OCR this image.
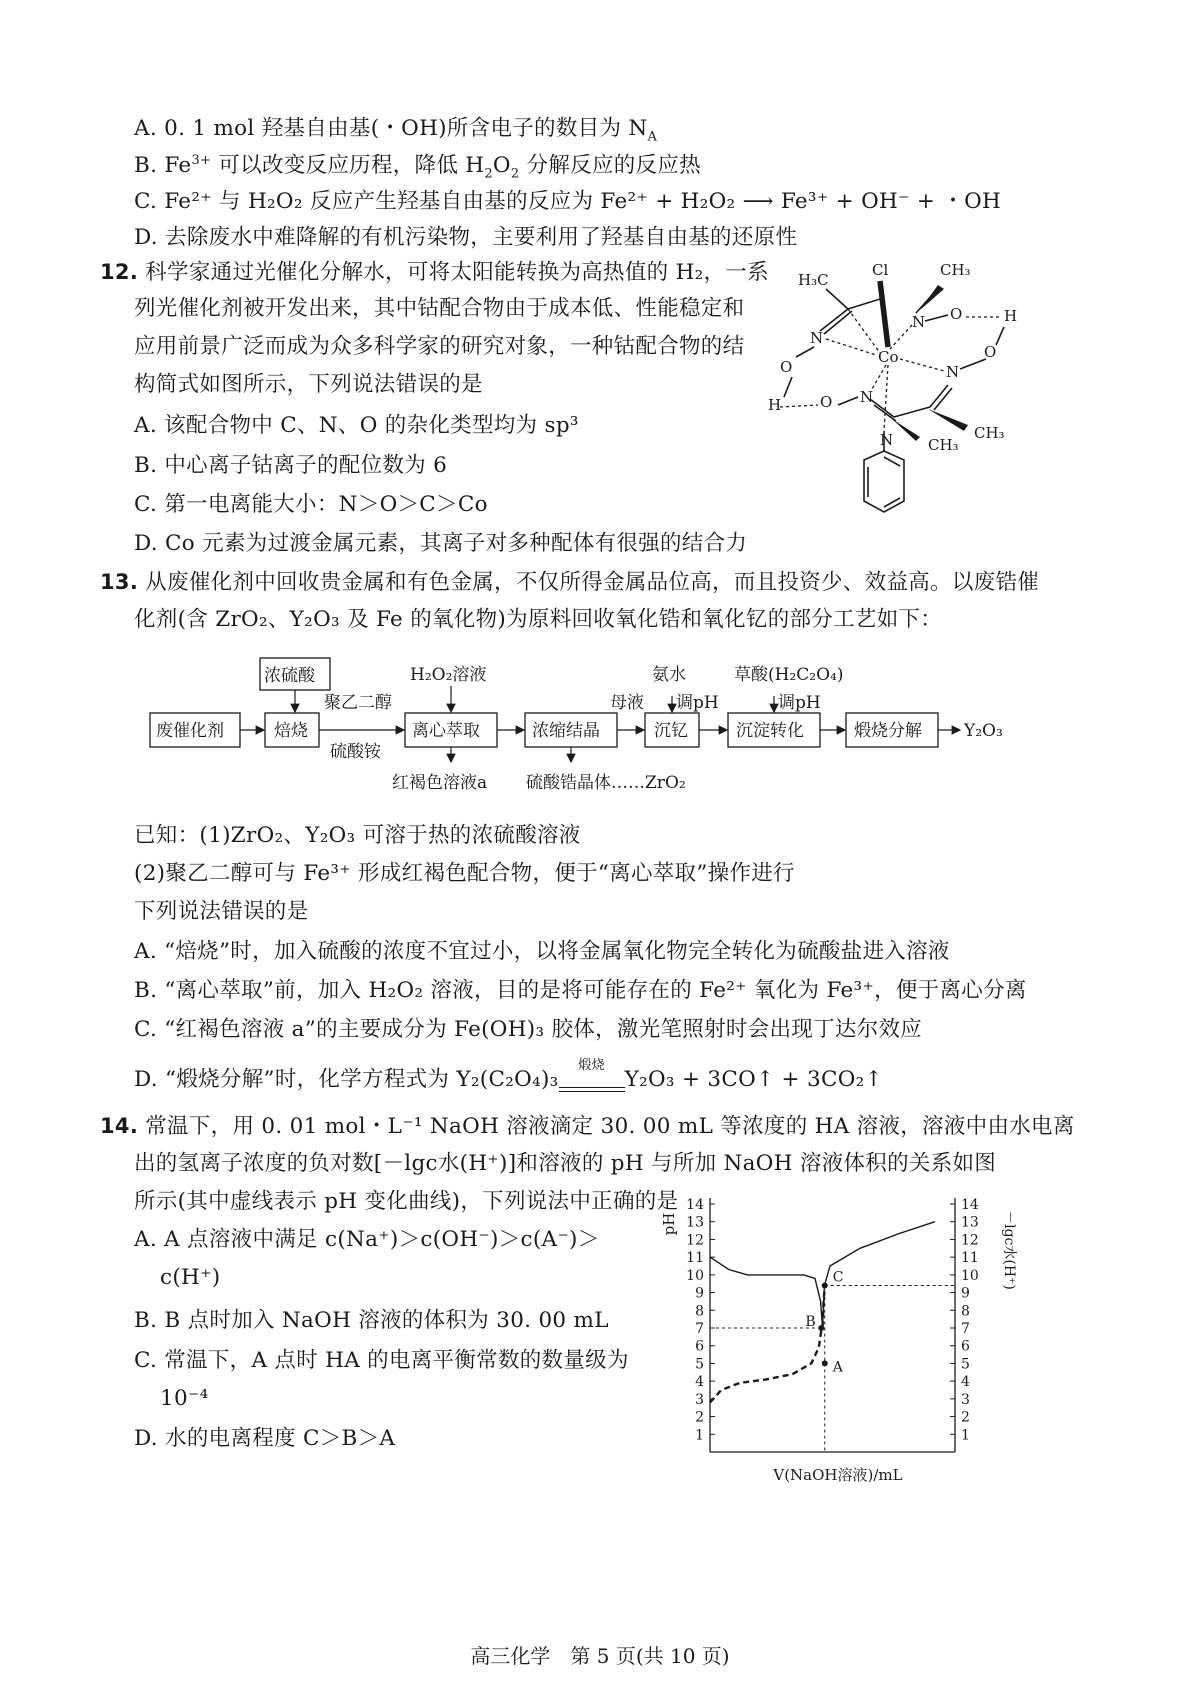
A. 0. 1 mol 羟基自由基(・OH)所含电子的数目为 $N_A$
B. $Fe^{3+}$ 可以改变反应历程，降低 $H_2O_2$ 分解反应的反应热
C. Fe²⁺ 与 H₂O₂ 反应产生羟基自由基的反应为 Fe²⁺ + H₂O₂ ⟶ Fe³⁺ + OH⁻ + ・OH
D. 去除废水中难降解的有机污染物，主要利用了羟基自由基的还原性
12. 科学家通过光催化分解水，可将太阳能转换为高热值的 H₂，一系
列光催化剂被开发出来，其中钴配合物由于成本低、性能稳定和
应用前景广泛而成为众多科学家的研究对象，一种钴配合物的结
构简式如图所示，下列说法错误的是
A. 该配合物中 C、N、O 的杂化类型均为 sp³
B. 中心离子钴离子的配位数为 6
C. 第一电离能大小：N＞O＞C＞Co
D. Co 元素为过渡金属元素，其离子对多种配体有很强的结合力
H₃C
Cl	CH₃
N
N O	H
O
N
Co
O
N
O
H
CH₃
CH₃
N
13. 从废催化剂中回收贵金属和有色金属，不仅所得金属品位高，而且投资少、效益高。以废锆催
化剂(含 ZrO₂、Y₂O₃ 及 Fe 的氧化物)为原料回收氧化锆和氧化钇的部分工艺如下：
废催化剂	焙烧
浓硫酸
聚乙二醇
硫酸铵
离心萃取
H₂O₂溶液
红褐色溶液a
浓缩结晶
硫酸锆晶体……ZrO₂
母液
氨水
调pH
沉钇
草酸(H₂C₂O₄)
调pH
沉淀转化	煅烧分解 Y₂O₃
已知：(1)ZrO₂、Y₂O₃ 可溶于热的浓硫酸溶液
(2)聚乙二醇可与 Fe³⁺ 形成红褐色配合物，便于“离心萃取”操作进行
下列说法错误的是
A. “焙烧”时，加入硫酸的浓度不宜过小，以将金属氧化物完全转化为硫酸盐进入溶液
B. “离心萃取”前，加入 H₂O₂ 溶液，目的是将可能存在的 Fe²⁺ 氧化为 Fe³⁺，便于离心分离
C. “红褐色溶液 a”的主要成分为 Fe(OH)₃ 胶体，激光笔照射时会出现丁达尔效应
D. “煅烧分解”时，化学方程式为 Y₂(C₂O₄)₃
煅烧
Y₂O₃ + 3CO↑ + 3CO₂↑
14. 常温下，用 0. 01 mol・L⁻¹ NaOH 溶液滴定 30. 00 mL 等浓度的 HA 溶液，溶液中由水电离
出的氢离子浓度的负对数[－lgc水(H⁺)]和溶液的 pH 与所加 NaOH 溶液体积的关系如图
所示(其中虚线表示 pH 变化曲线)，下列说法中正确的是
A. A 点溶液中满足 c(Na⁺)＞c(OH⁻)＞c(A⁻)＞
c(H⁺)
B. B 点时加入 NaOH 溶液的体积为 30. 00 mL
C. 常温下，A 点时 HA 的电离平衡常数的数量级为
10⁻⁴
D. 水的电离程度 C＞B＞A
pH	－lgc水(H⁺)
V(NaOH溶液)/mL
1	1
2	2
3	3
4	4
5	5
6	6
7	7
8	8
9	9
10	10
11	11
12	12
13	13
14	14
A
B
C
高三化学　第 5 页(共 10 页)
